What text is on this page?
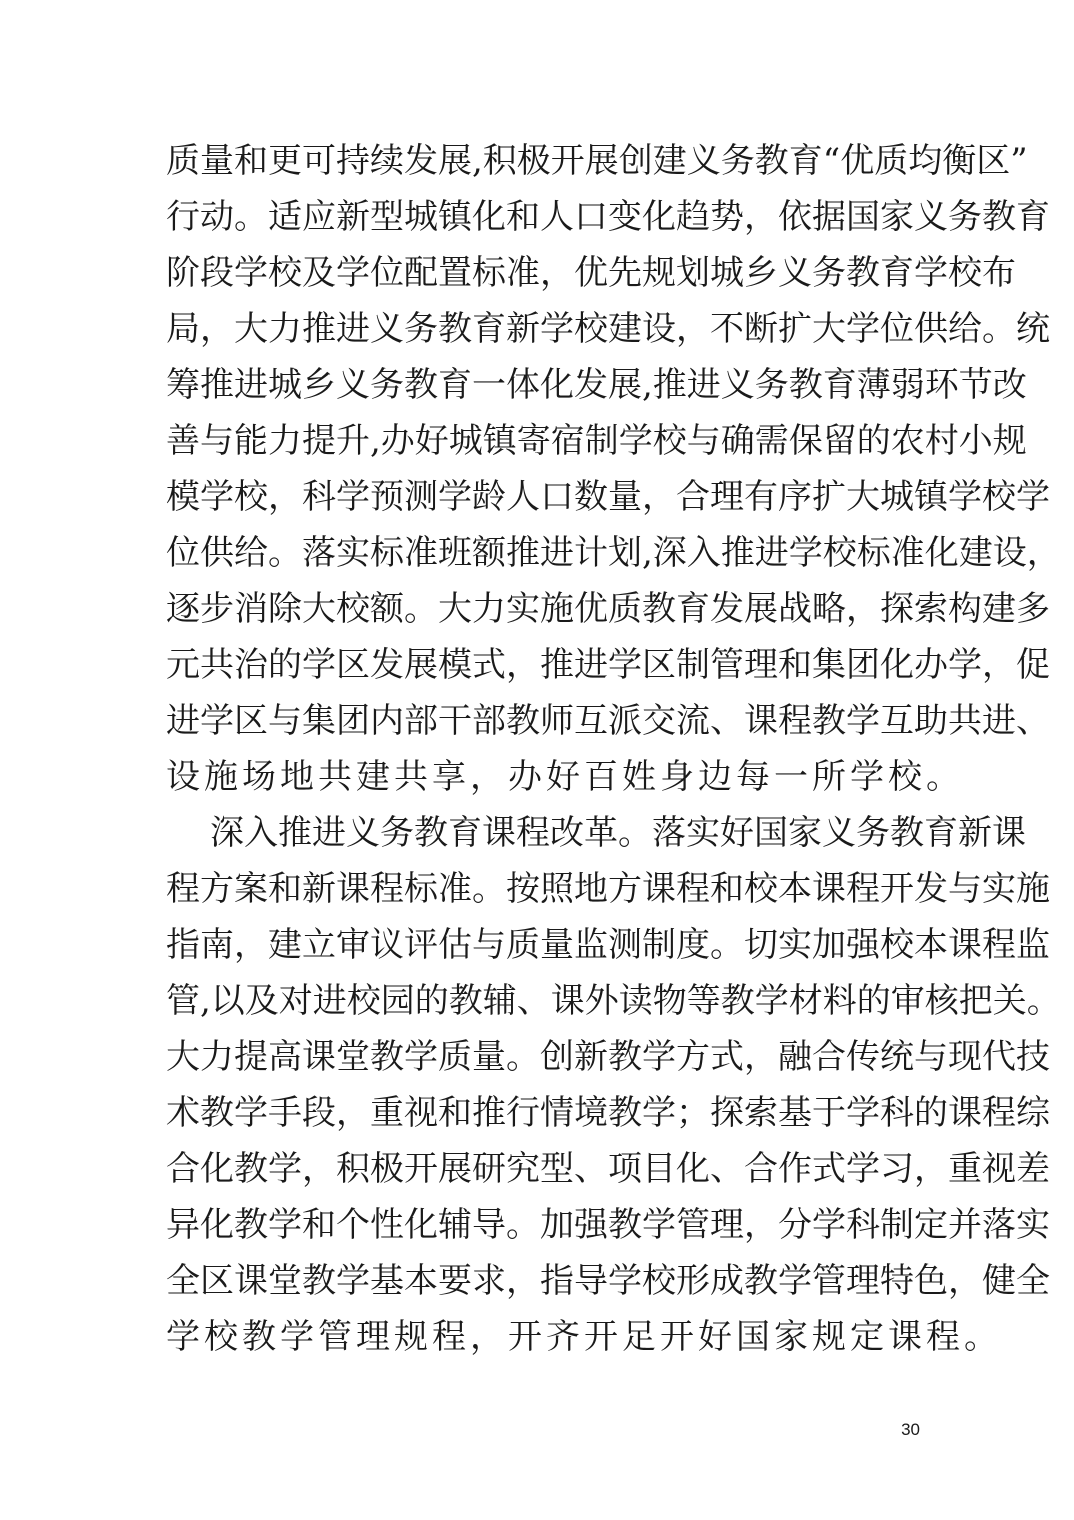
质量和更可持续发展,积极开展创建义务教育“优质均衡区”
行动。适应新型城镇化和人口变化趋势，依据国家义务教育
阶段学校及学位配置标准，优先规划城乡义务教育学校布
局，大力推进义务教育新学校建设，不断扩大学位供给。统
筹推进城乡义务教育一体化发展,推进义务教育薄弱环节改
善与能力提升,办好城镇寄宿制学校与确需保留的农村小规
模学校，科学预测学龄人口数量，合理有序扩大城镇学校学
位供给。落实标准班额推进计划,深入推进学校标准化建设，
逐步消除大校额。大力实施优质教育发展战略，探索构建多
元共治的学区发展模式，推进学区制管理和集团化办学，促
进学区与集团内部干部教师互派交流、课程教学互助共进、
设施场地共建共享，办好百姓身边每一所学校。
深入推进义务教育课程改革。落实好国家义务教育新课
程方案和新课程标准。按照地方课程和校本课程开发与实施
指南，建立审议评估与质量监测制度。切实加强校本课程监
管,以及对进校园的教辅、课外读物等教学材料的审核把关。
大力提高课堂教学质量。创新教学方式，融合传统与现代技
术教学手段，重视和推行情境教学；探索基于学科的课程综
合化教学，积极开展研究型、项目化、合作式学习，重视差
异化教学和个性化辅导。加强教学管理，分学科制定并落实
全区课堂教学基本要求，指导学校形成教学管理特色，健全
学校教学管理规程，开齐开足开好国家规定课程。
30
